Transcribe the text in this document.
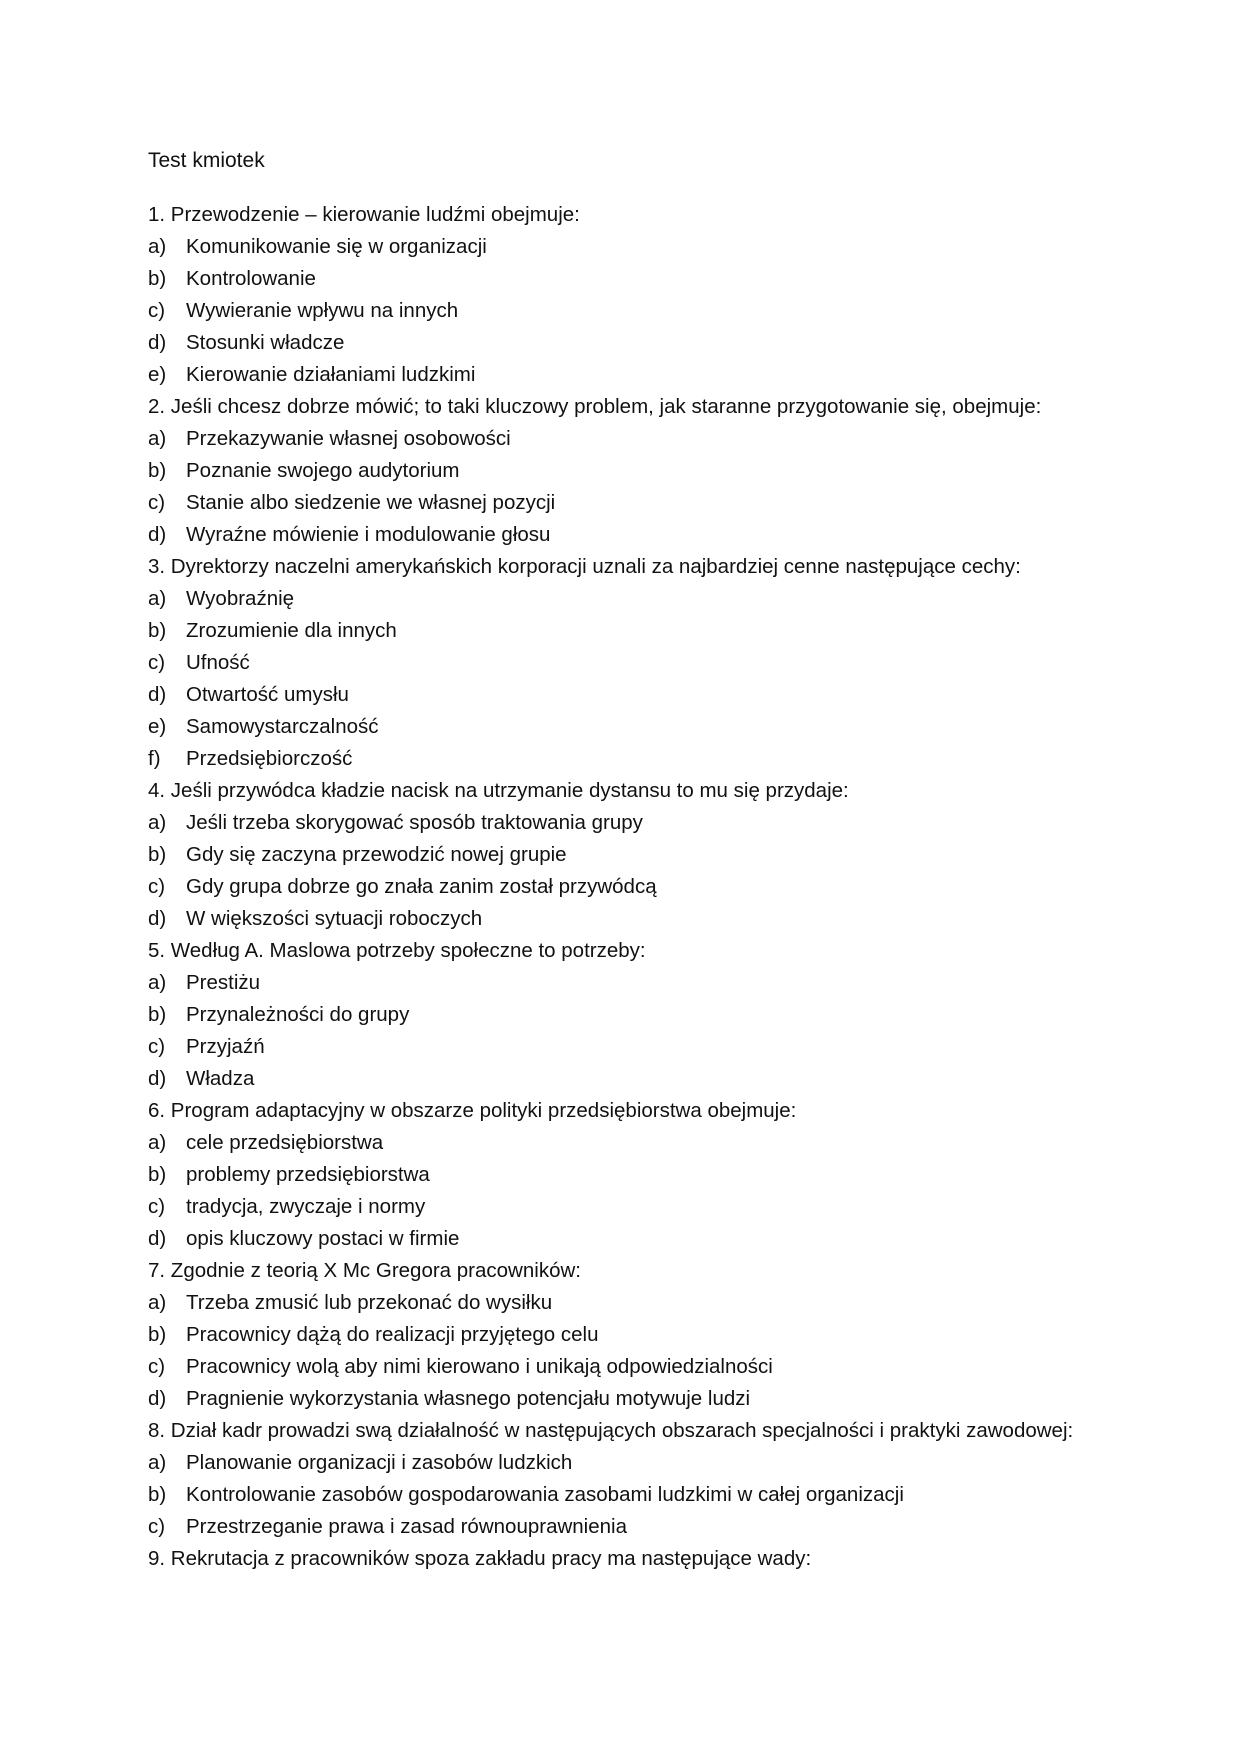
Test kmiotek
1. Przewodzenie – kierowanie ludźmi obejmuje:
a) Komunikowanie się w organizacji
b) Kontrolowanie
c)	Wywieranie wpływu na innych
d) Stosunki władcze
e) Kierowanie działaniami ludzkimi
2. Jeśli chcesz dobrze mówić; to taki kluczowy problem, jak staranne przygotowanie się, obejmuje:
a) Przekazywanie własnej osobowości
b) Poznanie swojego audytorium
c)	Stanie albo siedzenie we własnej pozycji
d) Wyraźne mówienie i modulowanie głosu
3. Dyrektorzy naczelni amerykańskich korporacji uznali za najbardziej cenne następujące cechy:
a) Wyobraźnię
b) Zrozumienie dla innych
c)	Ufność
d) Otwartość umysłu
e) Samowystarczalność
f)	Przedsiębiorczość
4. Jeśli przywódca kładzie nacisk na utrzymanie dystansu to mu się przydaje:
a) Jeśli trzeba skorygować sposób traktowania grupy
b) Gdy się zaczyna przewodzić nowej grupie
c)	Gdy grupa dobrze go znała zanim został przywódcą
d) W większości sytuacji roboczych
5. Według A. Maslowa potrzeby społeczne to potrzeby:
a) Prestiżu
b) Przynależności do grupy
c)	Przyjaźń
d) Władza
6. Program adaptacyjny w obszarze polityki przedsiębiorstwa obejmuje:
a) cele przedsiębiorstwa
b) problemy przedsiębiorstwa
c)	tradycja, zwyczaje i normy
d) opis kluczowy postaci w firmie
7. Zgodnie z teorią X Mc Gregora pracowników:
a) Trzeba zmusić lub przekonać do wysiłku
b) Pracownicy dążą do realizacji przyjętego celu
c)	Pracownicy wolą aby nimi kierowano i unikają odpowiedzialności
d) Pragnienie wykorzystania własnego potencjału motywuje ludzi
8. Dział kadr prowadzi swą działalność w następujących obszarach specjalności i praktyki zawodowej:
a) Planowanie organizacji i zasobów ludzkich
b) Kontrolowanie zasobów gospodarowania zasobami ludzkimi w całej organizacji
c)	Przestrzeganie prawa i zasad równouprawnienia
9. Rekrutacja z pracowników spoza zakładu pracy ma następujące wady:
